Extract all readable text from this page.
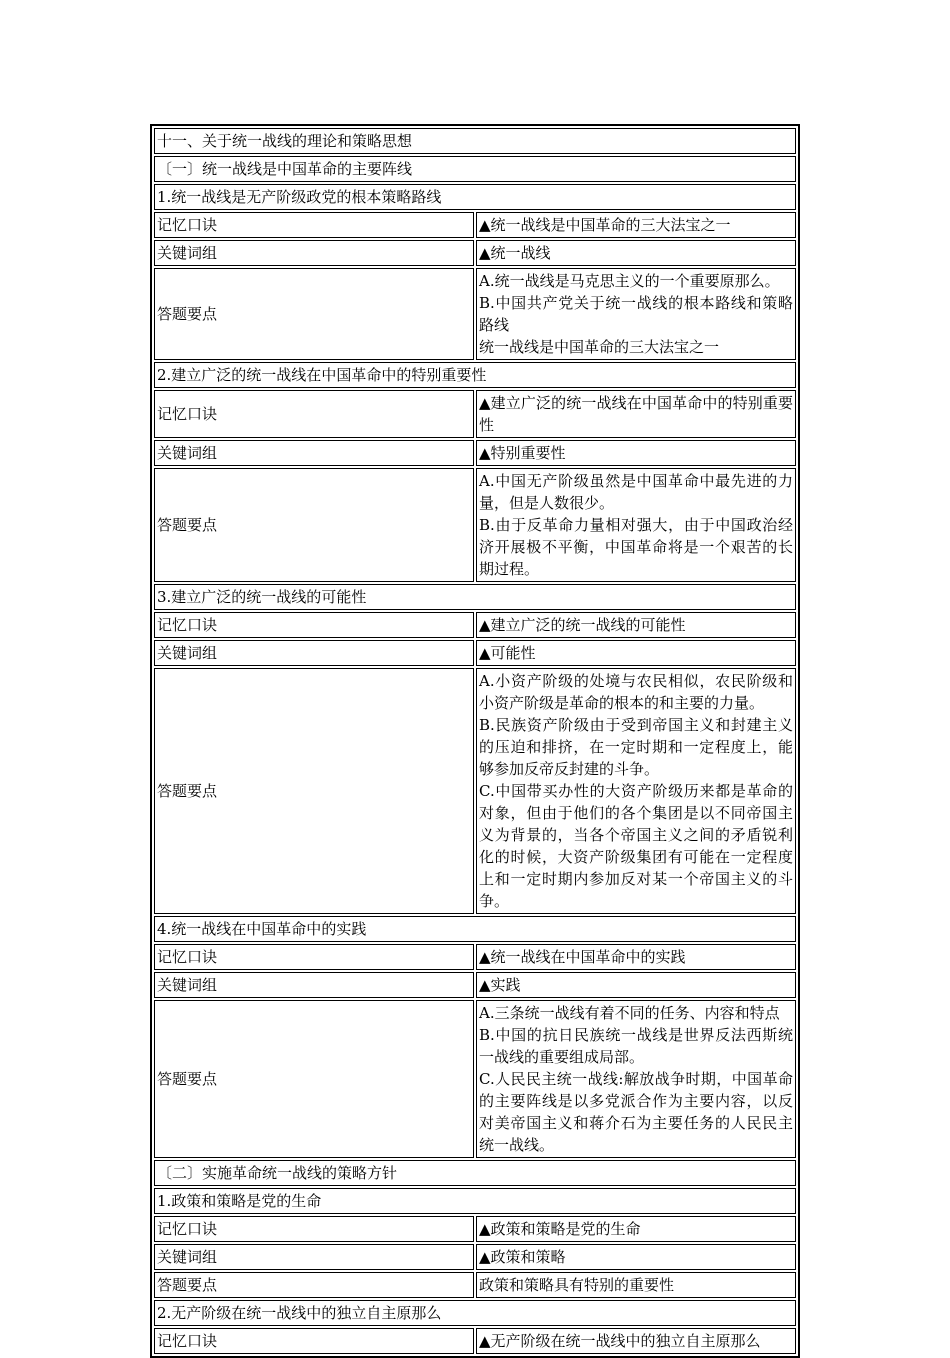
十一、关于统一战线的理论和策略思想	
〔一〕统一战线是中国革命的主要阵线	
1.统一战线是无产阶级政党的根本策略路线	
记忆口诀	▲统一战线是中国革命的三大法宝之一

关键词组	▲统一战线

答题要点	A.统一战线是马克思主义的一个重要原那么。
B.中国共产党关于统一战线的根本路线和策略路线
统一战线是中国革命的三大法宝之一

2.建立广泛的统一战线在中国革命中的特别重要性	
记忆口诀	▲建立广泛的统一战线在中国革命中的特别重要性

关键词组	▲特别重要性

答题要点	A.中国无产阶级虽然是中国革命中最先进的力量，但是人数很少。
B.由于反革命力量相对强大，由于中国政治经济开展极不平衡，中国革命将是一个艰苦的长期过程。

3.建立广泛的统一战线的可能性	
记忆口诀	▲建立广泛的统一战线的可能性

关键词组	▲可能性

答题要点	A.小资产阶级的处境与农民相似，农民阶级和小资产阶级是革命的根本的和主要的力量。
B.民族资产阶级由于受到帝国主义和封建主义的压迫和排挤，在一定时期和一定程度上，能够参加反帝反封建的斗争。
C.中国带买办性的大资产阶级历来都是革命的对象，但由于他们的各个集团是以不同帝国主义为背景的，当各个帝国主义之间的矛盾锐利化的时候，大资产阶级集团有可能在一定程度上和一定时期内参加反对某一个帝国主义的斗争。

4.统一战线在中国革命中的实践	
记忆口诀	▲统一战线在中国革命中的实践

关键词组	▲实践

答题要点	A.三条统一战线有着不同的任务、内容和特点
B.中国的抗日民族统一战线是世界反法西斯统一战线的重要组成局部。
C.人民民主统一战线:解放战争时期，中国革命的主要阵线是以多党派合作为主要内容，以反对美帝国主义和蒋介石为主要任务的人民民主统一战线。

〔二〕实施革命统一战线的策略方针	
1.政策和策略是党的生命	
记忆口诀	▲政策和策略是党的生命

关键词组	▲政策和策略

答题要点	政策和策略具有特别的重要性

2.无产阶级在统一战线中的独立自主原那么	
记忆口诀	▲无产阶级在统一战线中的独立自主原那么
